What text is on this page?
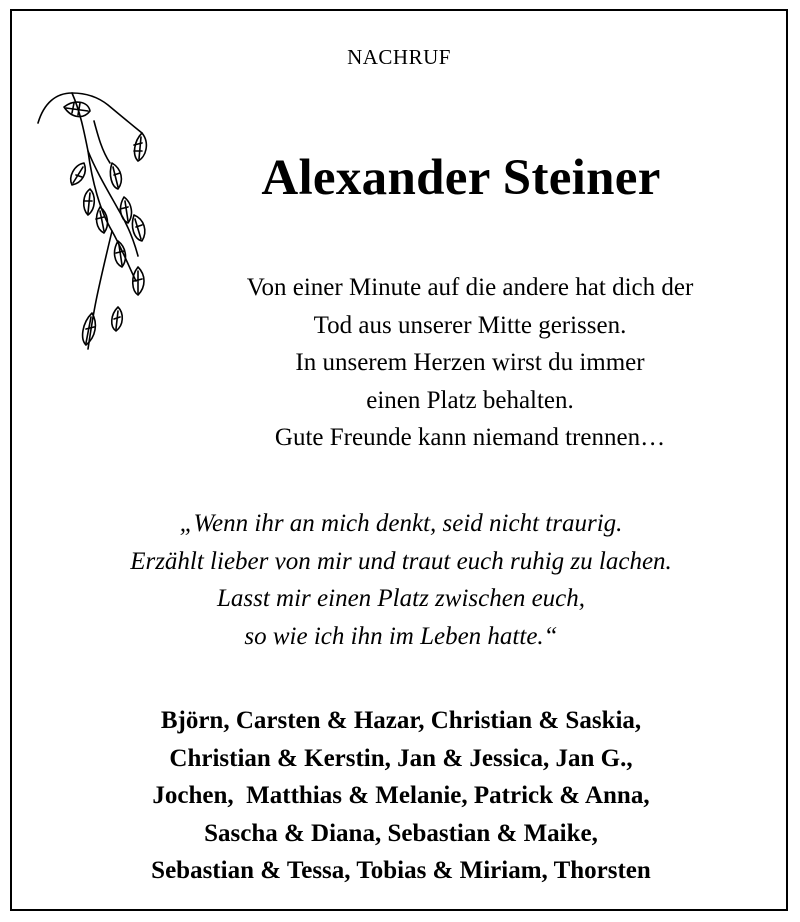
NACHRUF
Alexander Steiner
Von einer Minute auf die andere hat dich der
Tod aus unserer Mitte gerissen.
In unserem Herzen wirst du immer
einen Platz behalten.
Gute Freunde kann niemand trennen…
„Wenn ihr an mich denkt, seid nicht traurig.
Erzählt lieber von mir und traut euch ruhig zu lachen.
Lasst mir einen Platz zwischen euch,
so wie ich ihn im Leben hatte.“
Björn, Carsten & Hazar, Christian & Saskia,
Christian & Kerstin, Jan & Jessica, Jan G.,
Jochen,  Matthias & Melanie, Patrick & Anna,
Sascha & Diana, Sebastian & Maike,
Sebastian & Tessa, Tobias & Miriam, Thorsten
